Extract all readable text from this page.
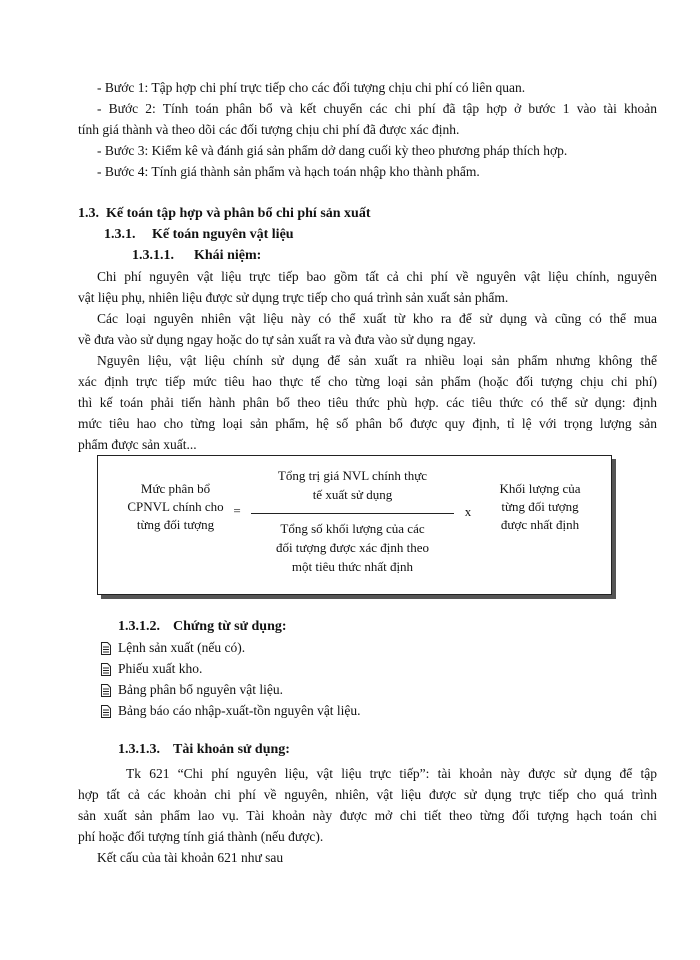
- Bước 1: Tập hợp chi phí trực tiếp cho các đối tượng chịu chi phí có liên quan.
- Bước 2: Tính toán phân bổ và kết chuyển các chi phí đã tập hợp ở bước 1 vào tài khoản
tính giá thành và theo dõi các đối tượng chịu chi phí đã được xác định.
- Bước 3: Kiểm kê và đánh giá sản phẩm dở dang cuối kỳ theo phương pháp thích hợp.
- Bước 4: Tính giá thành sản phẩm và hạch toán nhập kho thành phẩm.
1.3. Kế toán tập hợp và phân bổ chi phí sản xuất
1.3.1. Kế toán nguyên vật liệu
1.3.1.1. Khái niệm:
Chi phí nguyên vật liệu trực tiếp bao gồm tất cả chi phí về nguyên vật liệu chính, nguyên
vật liệu phụ, nhiên liệu được sử dụng trực tiếp cho quá trình sản xuất sản phẩm.
Các loại nguyên nhiên vật liệu này có thể xuất từ kho ra để sử dụng và cũng có thể mua
về đưa vào sử dụng ngay hoặc do tự sản xuất ra và đưa vào sử dụng ngay.
Nguyên liệu, vật liệu chính sử dụng để sản xuất ra nhiều loại sản phẩm nhưng không thể
xác định trực tiếp mức tiêu hao thực tế cho từng loại sản phẩm (hoặc đối tượng chịu chi phí)
thì kế toán phải tiến hành phân bổ theo tiêu thức phù hợp. các tiêu thức có thể sử dụng: định
mức tiêu hao cho từng loại sản phẩm, hệ số phân bổ được quy định, tỉ lệ với trọng lượng sản
phẩm được sản xuất...
Mức phân bổ
CPNVL chính cho
từng đối tượng
=
Tổng trị giá NVL chính thực
tế xuất sử dụng
Tổng số khối lượng của các
đối tượng được xác định theo
một tiêu thức nhất định
x
Khối lượng của
từng đối tượng
được nhất định
1.3.1.2. Chứng từ sử dụng:
Lệnh sản xuất (nếu có).
Phiếu xuất kho.
Bảng phân bổ nguyên vật liệu.
Bảng báo cáo nhập-xuất-tồn nguyên vật liệu.
1.3.1.3. Tài khoản sử dụng:
Tk 621 “Chi phí nguyên liệu, vật liệu trực tiếp”: tài khoản này được sử dụng để tập
hợp tất cả các khoản chi phí về nguyên, nhiên, vật liệu được sử dụng trực tiếp cho quá trình
sản xuất sản phẩm lao vụ. Tài khoản này được mở chi tiết theo từng đối tượng hạch toán chi
phí hoặc đối tượng tính giá thành (nếu được).
Kết cấu của tài khoản 621 như sau
